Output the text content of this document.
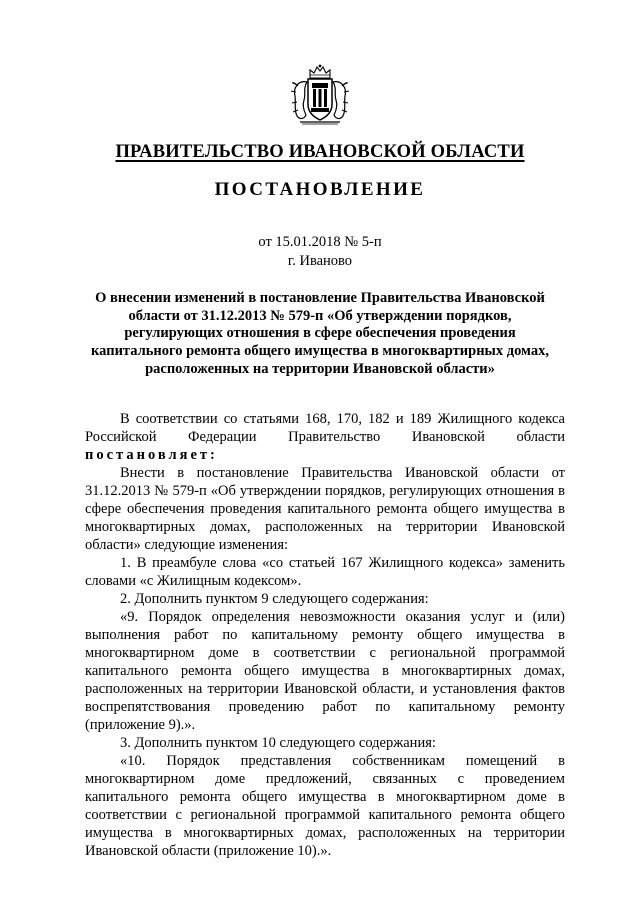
ПРАВИТЕЛЬСТВО ИВАНОВСКОЙ ОБЛАСТИ
ПОСТАНОВЛЕНИЕ
от 15.01.2018 № 5-п
г. Иваново
О внесении изменений в постановление Правительства Ивановской области от 31.12.2013 № 579-п «Об утверждении порядков, регулирующих отношения в сфере обеспечения проведения капитального ремонта общего имущества в многоквартирных домах, расположенных на территории Ивановской области»

В соответствии со статьями 168, 170, 182 и 189 Жилищного кодекса Российской Федерации Правительство Ивановской области

постановляет:

Внести в постановление Правительства Ивановской области от 31.12.2013 № 579-п «Об утверждении порядков, регулирующих отношения в сфере обеспечения проведения капитального ремонта общего имущества в многоквартирных домах, расположенных на территории Ивановской области» следующие изменения:

1. В преамбуле слова «со статьей 167 Жилищного кодекса» заменить словами «с Жилищным кодексом».

2. Дополнить пунктом 9 следующего содержания:

«9. Порядок определения невозможности оказания услуг и (или) выполнения работ по капитальному ремонту общего имущества в многоквартирном доме в соответствии с региональной программой капитального ремонта общего имущества в многоквартирных домах, расположенных на территории Ивановской области, и установления фактов воспрепятствования проведению работ по капитальному ремонту (приложение 9).».

3. Дополнить пунктом 10 следующего содержания:

«10. Порядок представления собственникам помещений в многоквартирном доме предложений, связанных с проведением капитального ремонта общего имущества в многоквартирном доме в соответствии с региональной программой капитального ремонта общего имущества в многоквартирных домах, расположенных на территории Ивановской области (приложение 10).».
